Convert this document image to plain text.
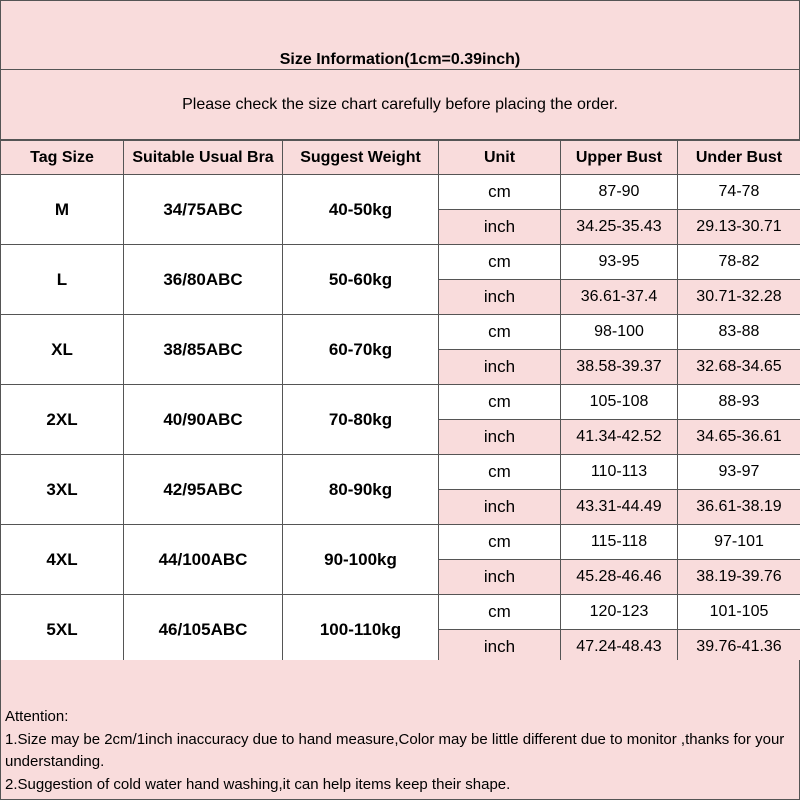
Size Information(1cm=0.39inch)
Please check the size chart carefully before placing the order.
Tag Size	Suitable Usual Bra	Suggest Weight	Unit	Upper Bust	Under Bust
M	34/75ABC	40-50kg	cm	87-90	74-78
			inch	34.25-35.43	29.13-30.71
L	36/80ABC	50-60kg	cm	93-95	78-82
			inch	36.61-37.4	30.71-32.28
XL	38/85ABC	60-70kg	cm	98-100	83-88
			inch	38.58-39.37	32.68-34.65
2XL	40/90ABC	70-80kg	cm	105-108	88-93
			inch	41.34-42.52	34.65-36.61
3XL	42/95ABC	80-90kg	cm	110-113	93-97
			inch	43.31-44.49	36.61-38.19
4XL	44/100ABC	90-100kg	cm	115-118	97-101
			inch	45.28-46.46	38.19-39.76
5XL	46/105ABC	100-110kg	cm	120-123	101-105
			inch	47.24-48.43	39.76-41.36

Attention:

1.Size may be 2cm/1inch inaccuracy due to hand measure,Color may be little different due to monitor ,thanks for your understanding.

2.Suggestion of cold water hand washing,it can help items keep their shape.
